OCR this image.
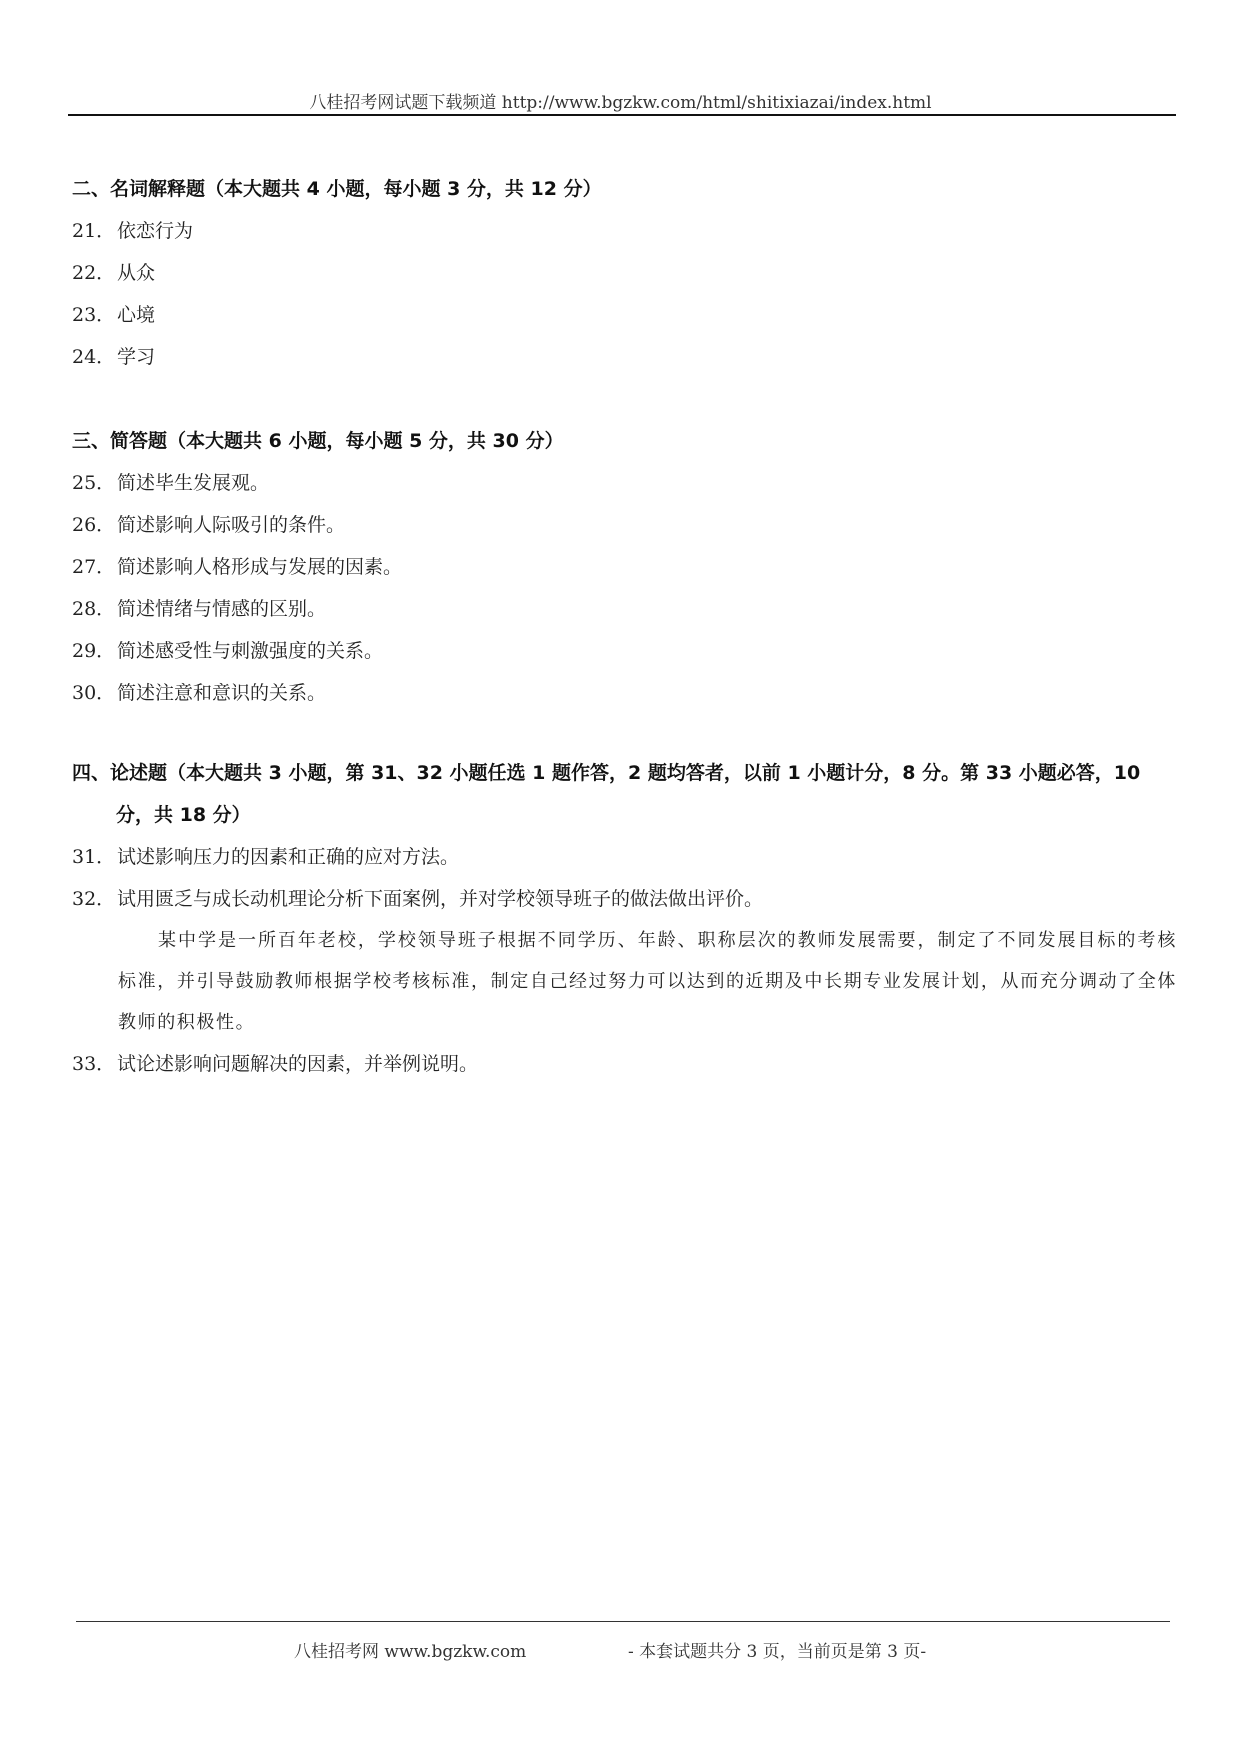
八桂招考网试题下载频道 http://www.bgzkw.com/html/shitixiazai/index.html
二、名词解释题（本大题共 4 小题，每小题 3 分，共 12 分）
21．依恋行为
22．从众
23．心境
24．学习
三、简答题（本大题共 6 小题，每小题 5 分，共 30 分）
25．简述毕生发展观。
26．简述影响人际吸引的条件。
27．简述影响人格形成与发展的因素。
28．简述情绪与情感的区别。
29．简述感受性与刺激强度的关系。
30．简述注意和意识的关系。
四、论述题（本大题共 3 小题，第 31、32 小题任选 1 题作答，2 题均答者，以前 1 小题计分，8 分。第 33 小题必答，10 分，共 18 分）
31．试述影响压力的因素和正确的应对方法。
32．试用匮乏与成长动机理论分析下面案例，并对学校领导班子的做法做出评价。
某中学是一所百年老校，学校领导班子根据不同学历、年龄、职称层次的教师发展需要，制定了不同发展目标的考核标准，并引导鼓励教师根据学校考核标准，制定自己经过努力可以达到的近期及中长期专业发展计划，从而充分调动了全体教师的积极性。
33．试论述影响问题解决的因素，并举例说明。
八桂招考网 www.bgzkw.com	- 本套试题共分 3 页，当前页是第 3 页-
